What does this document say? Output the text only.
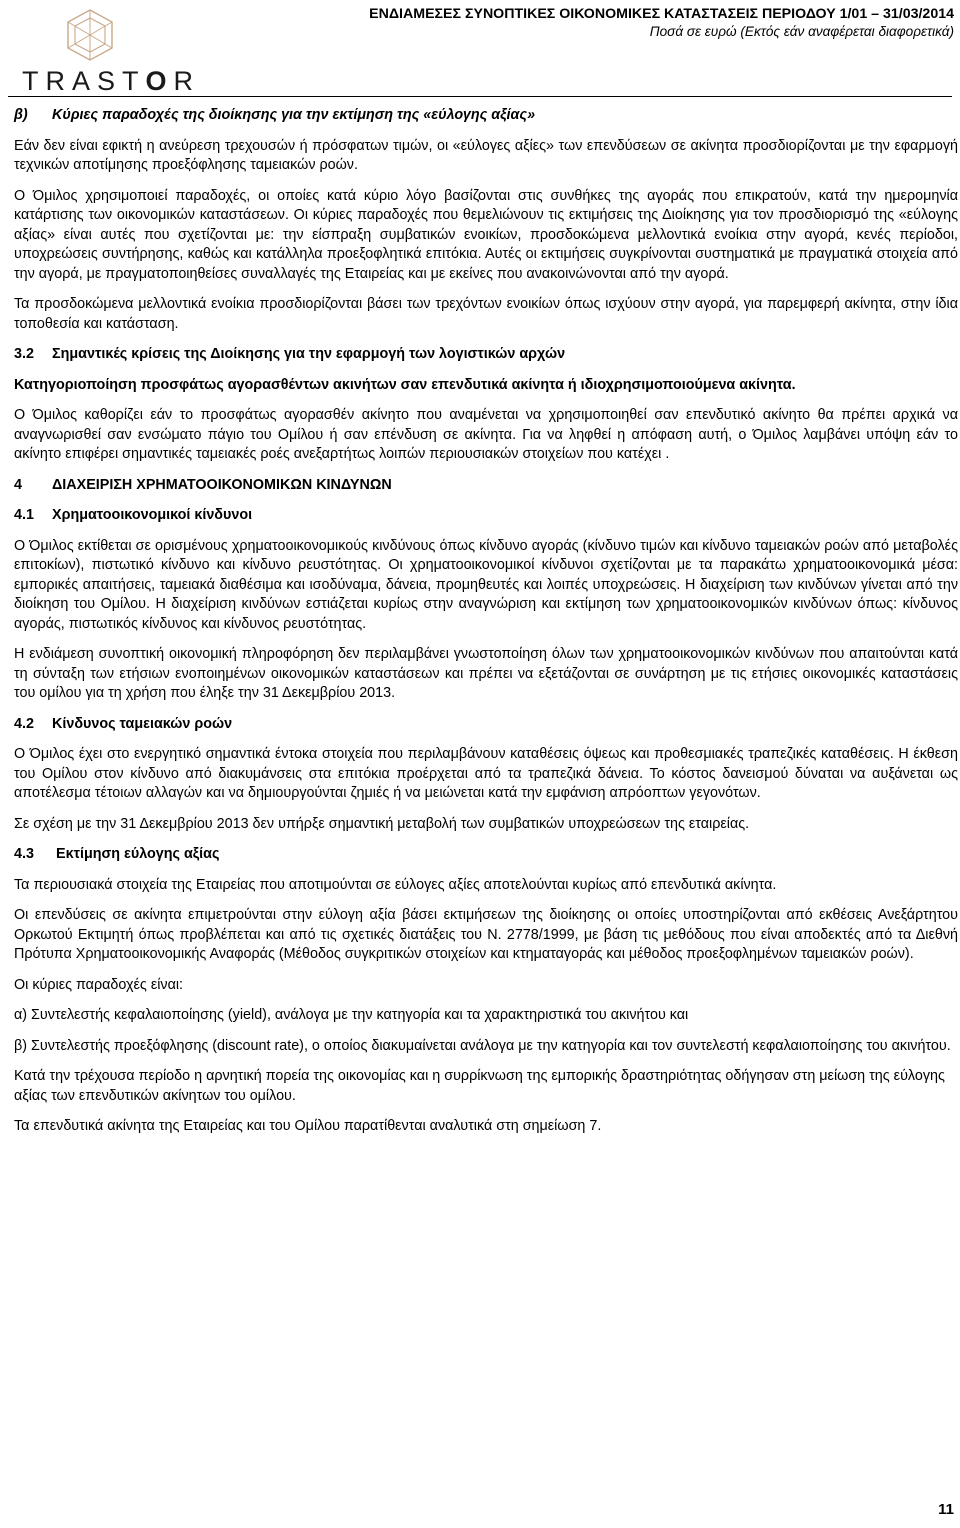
TRASTOR
ΕΝΔΙΑΜΕΣΕΣ ΣΥΝΟΠΤΙΚΕΣ ΟΙΚΟΝΟΜΙΚΕΣ ΚΑΤΑΣΤΑΣΕΙΣ ΠΕΡΙΟΔΟΥ 1/01 – 31/03/2014
Ποσά σε ευρώ (Εκτός εάν αναφέρεται διαφορετικά)
β) Κύριες παραδοχές της διοίκησης για την εκτίμηση της «εύλογης αξίας»

Εάν δεν είναι εφικτή η ανεύρεση τρεχουσών ή πρόσφατων τιμών, οι «εύλογες αξίες» των επενδύσεων σε ακίνητα προσδιορίζονται με την εφαρμογή τεχνικών αποτίμησης προεξόφλησης ταμειακών ροών.

Ο Όμιλος χρησιμοποιεί παραδοχές, οι οποίες κατά κύριο λόγο βασίζονται στις συνθήκες της αγοράς που επικρατούν, κατά την ημερομηνία κατάρτισης των οικονομικών καταστάσεων. Οι κύριες παραδοχές που θεμελιώνουν τις εκτιμήσεις της Διοίκησης για τον προσδιορισμό της «εύλογης αξίας» είναι αυτές που σχετίζονται με: την είσπραξη συμβατικών ενοικίων, προσδοκώμενα μελλοντικά ενοίκια στην αγορά, κενές περίοδοι, υποχρεώσεις συντήρησης, καθώς και κατάλληλα προεξοφλητικά επιτόκια. Αυτές οι εκτιμήσεις συγκρίνονται συστηματικά με πραγματικά στοιχεία από την αγορά, με πραγματοποιηθείσες συναλλαγές της Εταιρείας και με εκείνες που ανακοινώνονται από την αγορά.

Τα προσδοκώμενα μελλοντικά ενοίκια προσδιορίζονται βάσει των τρεχόντων ενοικίων όπως ισχύουν στην αγορά, για παρεμφερή ακίνητα, στην ίδια τοποθεσία και κατάσταση.

3.2 Σημαντικές κρίσεις της Διοίκησης για την εφαρμογή των λογιστικών αρχών

Κατηγοριοποίηση προσφάτως αγορασθέντων ακινήτων σαν επενδυτικά ακίνητα ή ιδιοχρησιμοποιούμενα ακίνητα.

Ο Όμιλος καθορίζει εάν το προσφάτως αγορασθέν ακίνητο που αναμένεται να χρησιμοποιηθεί σαν επενδυτικό ακίνητο θα πρέπει αρχικά να αναγνωρισθεί σαν ενσώματο πάγιο του Ομίλου ή σαν επένδυση σε ακίνητα. Για να ληφθεί η απόφαση αυτή, ο Όμιλος λαμβάνει υπόψη εάν το ακίνητο επιφέρει σημαντικές ταμειακές ροές ανεξαρτήτως λοιπών περιουσιακών στοιχείων που κατέχει .

4 ΔΙΑΧΕΙΡΙΣΗ ΧΡΗΜΑΤΟΟΙΚΟΝΟΜΙΚΩΝ ΚΙΝΔΥΝΩΝ
4.1 Χρηματοοικονομικοί κίνδυνοι

Ο Όμιλος εκτίθεται σε ορισμένους χρηματοοικονομικούς κινδύνους όπως κίνδυνο αγοράς (κίνδυνο τιμών και κίνδυνο ταμειακών ροών από μεταβολές επιτοκίων), πιστωτικό κίνδυνο και κίνδυνο ρευστότητας. Οι χρηματοοικονομικοί κίνδυνοι σχετίζονται με τα παρακάτω χρηματοοικονομικά μέσα: εμπορικές απαιτήσεις, ταμειακά διαθέσιμα και ισοδύναμα, δάνεια, προμηθευτές και λοιπές υποχρεώσεις. Η διαχείριση των κινδύνων γίνεται από την διοίκηση του Ομίλου. Η διαχείριση κινδύνων εστιάζεται κυρίως στην αναγνώριση και εκτίμηση των χρηματοοικονομικών κινδύνων όπως: κίνδυνος αγοράς, πιστωτικός κίνδυνος και κίνδυνος ρευστότητας.

Η ενδιάμεση συνοπτική οικονομική πληροφόρηση δεν περιλαμβάνει γνωστοποίηση όλων των χρηματοοικονομικών κινδύνων που απαιτούνται κατά τη σύνταξη των ετήσιων ενοποιημένων οικονομικών καταστάσεων και πρέπει να εξετάζονται σε συνάρτηση με τις ετήσιες οικονομικές καταστάσεις του ομίλου για τη χρήση που έληξε την 31 Δεκεμβρίου 2013.

4.2 Κίνδυνος ταμειακών ροών

Ο Όμιλος έχει στο ενεργητικό σημαντικά έντοκα στοιχεία που περιλαμβάνουν καταθέσεις όψεως και προθεσμιακές τραπεζικές καταθέσεις. Η έκθεση του Ομίλου στον κίνδυνο από διακυμάνσεις στα επιτόκια προέρχεται από τα τραπεζικά δάνεια. Το κόστος δανεισμού δύναται να αυξάνεται ως αποτέλεσμα τέτοιων αλλαγών και να δημιουργούνται ζημιές ή να μειώνεται κατά την εμφάνιση απρόοπτων γεγονότων.

Σε σχέση με την 31 Δεκεμβρίου 2013 δεν υπήρξε σημαντική μεταβολή των συμβατικών υποχρεώσεων της εταιρείας.

4.3 Εκτίμηση εύλογης αξίας

Τα περιουσιακά στοιχεία της Εταιρείας που αποτιμούνται σε εύλογες αξίες αποτελούνται κυρίως από επενδυτικά ακίνητα.

Οι επενδύσεις σε ακίνητα επιμετρούνται στην εύλογη αξία βάσει εκτιμήσεων της διοίκησης οι οποίες υποστηρίζονται από εκθέσεις Ανεξάρτητου Ορκωτού Εκτιμητή όπως προβλέπεται και από τις σχετικές διατάξεις του Ν. 2778/1999, με βάση τις μεθόδους που είναι αποδεκτές από τα Διεθνή Πρότυπα Χρηματοοικονομικής Αναφοράς (Μέθοδος συγκριτικών στοιχείων και κτηματαγοράς και μέθοδος προεξοφλημένων ταμειακών ροών).

Οι κύριες παραδοχές είναι:

α) Συντελεστής κεφαλαιοποίησης (yield), ανάλογα με την κατηγορία και τα χαρακτηριστικά του ακινήτου και

β) Συντελεστής προεξόφλησης (discount rate), ο οποίος διακυμαίνεται ανάλογα με την κατηγορία και τον συντελεστή κεφαλαιοποίησης του ακινήτου.

Κατά την τρέχουσα περίοδο η αρνητική πορεία της οικονομίας και η συρρίκνωση της εμπορικής δραστηριότητας οδήγησαν στη μείωση της εύλογης αξίας των επενδυτικών ακίνητων του ομίλου.

Τα επενδυτικά ακίνητα της Εταιρείας και του Ομίλου παρατίθενται αναλυτικά στη σημείωση 7.

11
